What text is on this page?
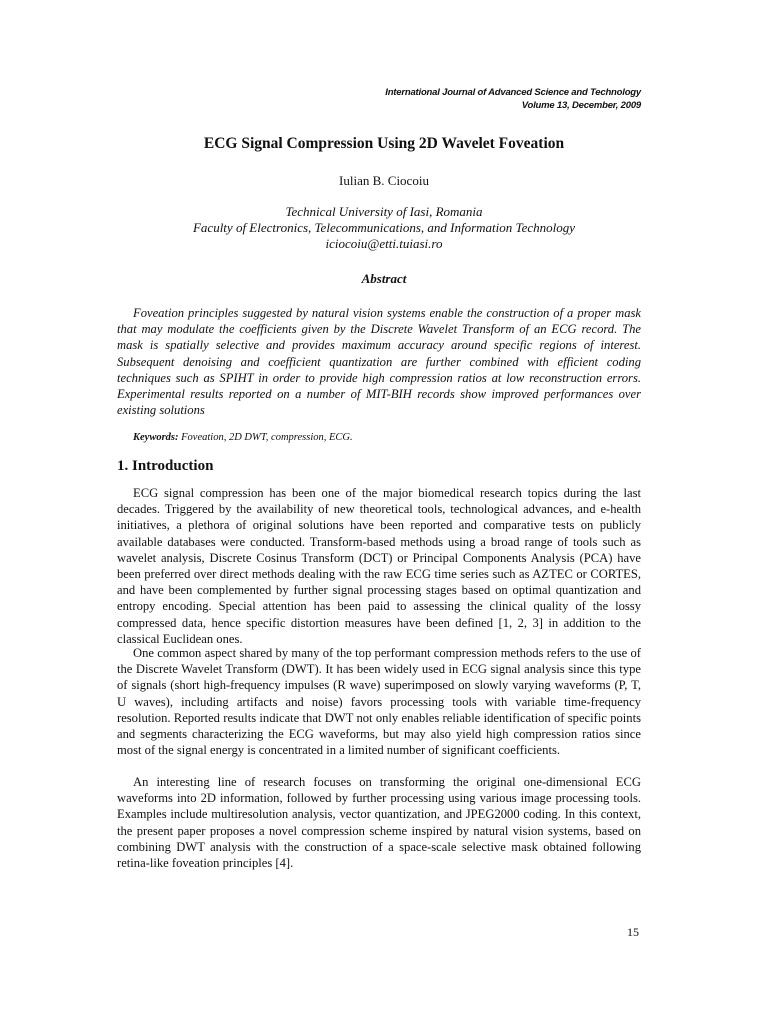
International Journal of Advanced Science and Technology
Volume 13, December, 2009
ECG Signal Compression Using 2D Wavelet Foveation
Iulian B. Ciocoiu
Technical University of Iasi, Romania
Faculty of Electronics, Telecommunications, and Information Technology
iciocoiu@etti.tuiasi.ro
Abstract

Foveation principles suggested by natural vision systems enable the construction of a proper mask that may modulate the coefficients given by the Discrete Wavelet Transform of an ECG record. The mask is spatially selective and provides maximum accuracy around specific regions of interest. Subsequent denoising and coefficient quantization are further combined with efficient coding techniques such as SPIHT in order to provide high compression ratios at low reconstruction errors. Experimental results reported on a number of MIT-BIH records show improved performances over existing solutions

Keywords: Foveation, 2D DWT, compression, ECG.
1. Introduction

ECG signal compression has been one of the major biomedical research topics during the last decades. Triggered by the availability of new theoretical tools, technological advances, and e-health initiatives, a plethora of original solutions have been reported and comparative tests on publicly available databases were conducted. Transform-based methods using a broad range of tools such as wavelet analysis, Discrete Cosinus Transform (DCT) or Principal Components Analysis (PCA) have been preferred over direct methods dealing with the raw ECG time series such as AZTEC or CORTES, and have been complemented by further signal processing stages based on optimal quantization and entropy encoding. Special attention has been paid to assessing the clinical quality of the lossy compressed data, hence specific distortion measures have been defined [1, 2, 3] in addition to the classical Euclidean ones.

One common aspect shared by many of the top performant compression methods refers to the use of the Discrete Wavelet Transform (DWT). It has been widely used in ECG signal analysis since this type of signals (short high-frequency impulses (R wave) superimposed on slowly varying waveforms (P, T, U waves), including artifacts and noise) favors processing tools with variable time-frequency resolution. Reported results indicate that DWT not only enables reliable identification of specific points and segments characterizing the ECG waveforms, but may also yield high compression ratios since most of the signal energy is concentrated in a limited number of significant coefficients.

An interesting line of research focuses on transforming the original one-dimensional ECG waveforms into 2D information, followed by further processing using various image processing tools. Examples include multiresolution analysis, vector quantization, and JPEG2000 coding. In this context, the present paper proposes a novel compression scheme inspired by natural vision systems, based on combining DWT analysis with the construction of a space-scale selective mask obtained following retina-like foveation principles [4].

15
